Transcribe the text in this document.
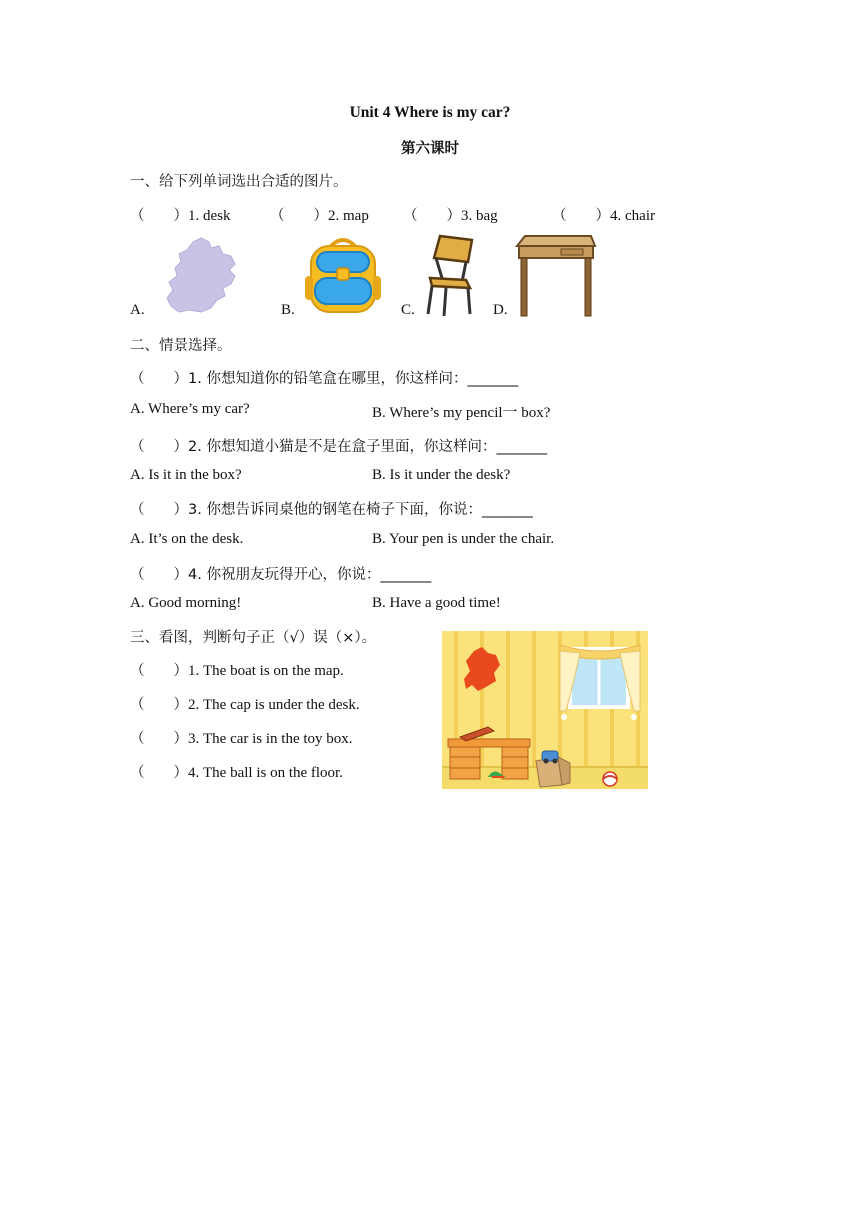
Unit 4 Where is my car?
第六课时
一、给下列单词选出合适的图片。
（　　）1. desk	（　　）2. map （　　）3. bag	（　　）4. chair
A.	B.	C.	D.
二、情景选择。
（　　）1. 你想知道你的铅笔盒在哪里，你这样问：_______
A. Where’s my car?	B. Where’s my pencil一 box?
（　　）2. 你想知道小猫是不是在盒子里面，你这样问：_______
A. Is it in the box?	B. Is it under the desk?
（　　）3. 你想告诉同桌他的钢笔在椅子下面，你说：_______
A. It’s on the desk.	B. Your pen is under the chair.
（　　）4. 你祝朋友玩得开心，你说：_______
A. Good morning!	B. Have a good time!
三、看图，判断句子正（√）误（×）。
（　　）1. The boat is on the map.
（　　）2. The cap is under the desk.
（　　）3. The car is in the toy box.
（　　）4. The ball is on the floor.
